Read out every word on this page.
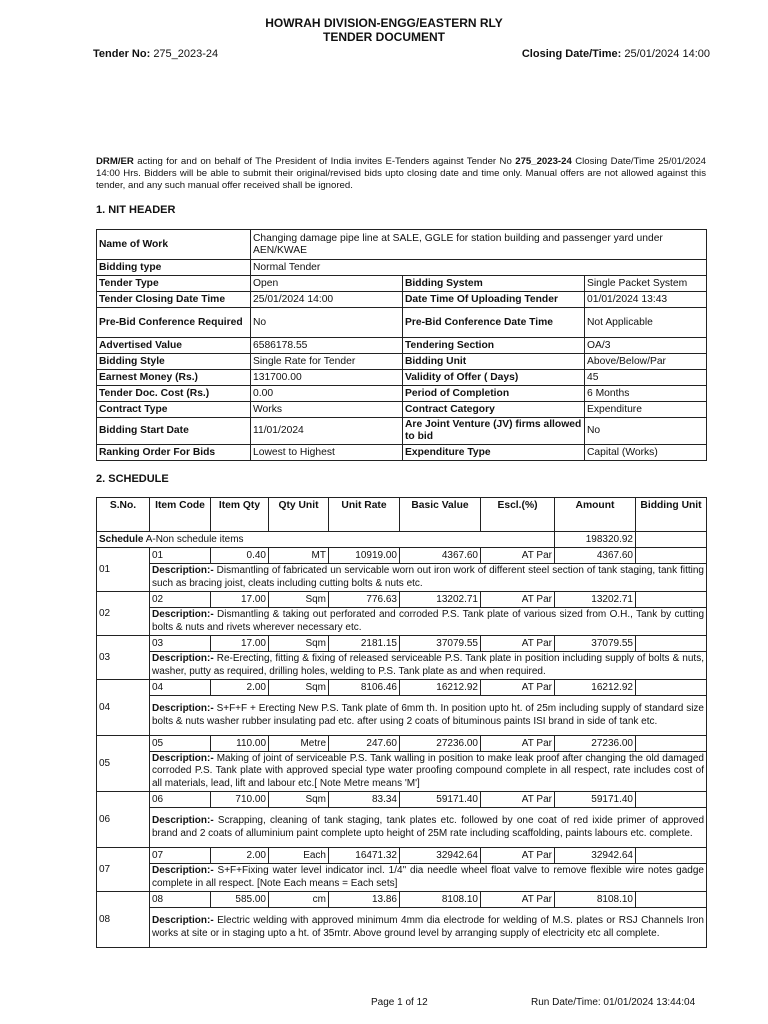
HOWRAH DIVISION-ENGG/EASTERN RLY
TENDER DOCUMENT
Tender No: 275_2023-24	Closing Date/Time: 25/01/2024 14:00
DRM/ER acting for and on behalf of The President of India invites E-Tenders against Tender No 275_2023-24 Closing Date/Time 25/01/2024 14:00 Hrs. Bidders will be able to submit their original/revised bids upto closing date and time only. Manual offers are not allowed against this tender, and any such manual offer received shall be ignored.
1. NIT HEADER
Name of Work	Changing damage pipe line at SALE, GGLE for station building and passenger yard under AEN/KWAE		
Bidding type	Normal Tender		
Tender Type	Open	Bidding System	Single Packet System
Tender Closing Date Time	25/01/2024 14:00	Date Time Of Uploading Tender	01/01/2024 13:43
Pre-Bid Conference Required	No	Pre-Bid Conference Date Time	Not Applicable
Advertised Value	6586178.55	Tendering Section	OA/3
Bidding Style	Single Rate for Tender	Bidding Unit	Above/Below/Par
Earnest Money (Rs.)	131700.00	Validity of Offer ( Days)	45
Tender Doc. Cost (Rs.)	0.00	Period of Completion	6 Months
Contract Type	Works	Contract Category	Expenditure
Bidding Start Date	11/01/2024	Are Joint Venture (JV) firms allowed to bid	No
Ranking Order For Bids	Lowest to Highest	Expenditure Type	Capital (Works)
2. SCHEDULE
S.No.	Item Code	Item Qty	Qty Unit	Unit Rate	Basic Value	Escl.(%)	Amount	Bidding Unit
Schedule A-Non schedule items							198320.92	
01	01	0.40	MT	10919.00	4367.60	AT Par	4367.60	
	Description:- Dismantling of fabricated un servicable worn out iron work of different steel section of tank staging, tank fitting such as bracing joist, cleats including cutting bolts & nuts etc.							
02	02	17.00	Sqm	776.63	13202.71	AT Par	13202.71	
	Description:- Dismantling & taking out perforated and corroded P.S. Tank plate of various sized from O.H., Tank by cutting bolts & nuts and rivets wherever necessary etc.							
03	03	17.00	Sqm	2181.15	37079.55	AT Par	37079.55	
	Description:- Re-Erecting, fitting & fixing of released serviceable P.S. Tank plate in position including supply of bolts & nuts, washer, putty as required, drilling holes, welding to P.S. Tank plate as and when required.							
04	04	2.00	Sqm	8106.46	16212.92	AT Par	16212.92	
	Description:- S+F+F + Erecting New P.S. Tank plate of 6mm th. In position upto ht. of 25m including supply of standard size bolts & nuts washer rubber insulating pad etc. after using 2 coats of bituminous paints ISI brand in side of tank etc.							
05	05	110.00	Metre	247.60	27236.00	AT Par	27236.00	
	Description:- Making of joint of serviceable P.S. Tank walling in position to make leak proof after changing the old damaged corroded P.S. Tank plate with approved special type water proofing compound complete in all respect, rate includes cost of all materials, lead, lift and labour etc.[ Note Metre means 'M']							
06	06	710.00	Sqm	83.34	59171.40	AT Par	59171.40	
	Description:- Scrapping, cleaning of tank staging, tank plates etc. followed by one coat of red ixide primer of approved brand and 2 coats of alluminium paint complete upto height of 25M rate including scaffolding, paints labours etc. complete.							
07	07	2.00	Each	16471.32	32942.64	AT Par	32942.64	
	Description:- S+F+Fixing water level indicator incl. 1/4" dia needle wheel float valve to remove flexible wire notes gadge complete in all respect. [Note Each means = Each sets]							
08	08	585.00	cm	13.86	8108.10	AT Par	8108.10	
	Description:- Electric welding with approved minimum 4mm dia electrode for welding of M.S. plates or RSJ Channels Iron works at site or in staging upto a ht. of 35mtr. Above ground level by arranging supply of electricity etc all complete.							
Page 1 of 12	Run Date/Time: 01/01/2024 13:44:04
